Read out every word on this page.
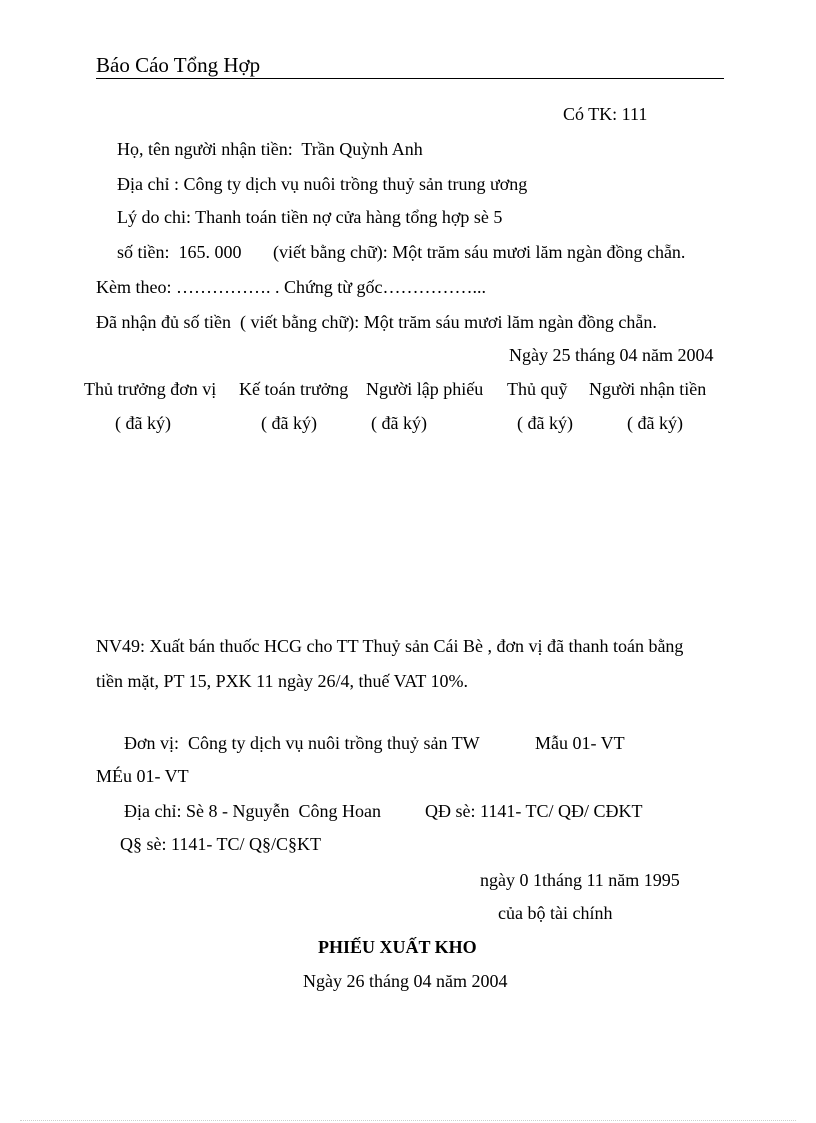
Báo Cáo Tổng Hợp
Có TK: 111
Họ, tên người nhận tiền:  Trần Quỳnh Anh
Địa chỉ : Công ty dịch vụ nuôi trồng thuỷ sản trung ương
Lý do chi: Thanh toán tiền nợ cửa hàng tổng hợp sè 5
số tiền:  165. 000       (viết bằng chữ): Một trăm sáu mươi lăm ngàn đồng chẵn.
Kèm theo: ……………. . Chứng từ gốc……………...
Đã nhận đủ số tiền  ( viết bằng chữ): Một trăm sáu mươi lăm ngàn đồng chẵn.
Ngày 25 tháng 04 năm 2004
Thủ trưởng đơn vị Kế toán trưởng Người lập phiếu Thủ quỹ Người nhận tiền
( đã ký)	( đã ký)	( đã ký)	( đã ký)	( đã ký)
NV49: Xuất bán thuốc HCG cho TT Thuỷ sản Cái Bè , đơn vị đã thanh toán bằng
tiền mặt, PT 15, PXK 11 ngày 26/4, thuế VAT 10%.
Đơn vị:  Công ty dịch vụ nuôi trồng thuỷ sản TW	Mẫu 01- VT
MÉu 01- VT
Địa chỉ: Sè 8 - Nguyễn  Công Hoan QĐ sè: 1141- TC/ QĐ/ CĐKT
Q§ sè: 1141- TC/ Q§/C§KT
ngày 0 1tháng 11 năm 1995
của bộ tài chính
PHIẾU XUẤT KHO
Ngày 26 tháng 04 năm 2004
